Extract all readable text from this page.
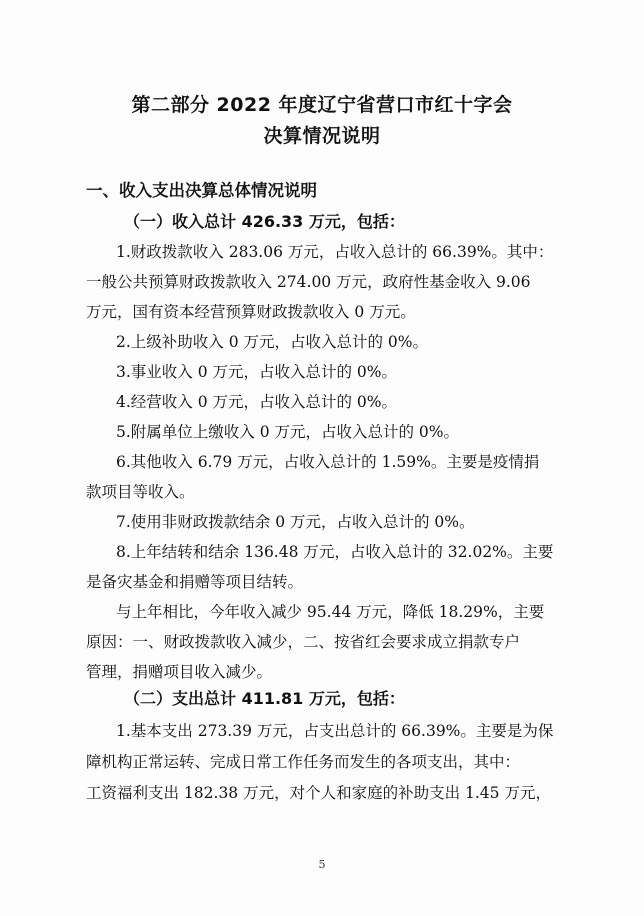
第二部分 2022 年度辽宁省营口市红十字会
决算情况说明
一、收入支出决算总体情况说明
（一）收入总计 426.33 万元，包括：
1.财政拨款收入 283.06 万元，占收入总计的 66.39%。其中：
一般公共预算财政拨款收入 274.00 万元，政府性基金收入 9.06
万元，国有资本经营预算财政拨款收入 0 万元。
2.上级补助收入 0 万元，占收入总计的 0%。
3.事业收入 0 万元，占收入总计的 0%。
4.经营收入 0 万元，占收入总计的 0%。
5.附属单位上缴收入 0 万元，占收入总计的 0%。
6.其他收入 6.79 万元，占收入总计的 1.59%。主要是疫情捐
款项目等收入。
7.使用非财政拨款结余 0 万元，占收入总计的 0%。
8.上年结转和结余 136.48 万元，占收入总计的 32.02%。主要
是备灾基金和捐赠等项目结转。
与上年相比，今年收入减少 95.44 万元，降低 18.29%，主要
原因：一、财政拨款收入减少，二、按省红会要求成立捐款专户
管理，捐赠项目收入减少。
（二）支出总计 411.81 万元，包括：
1.基本支出 273.39 万元，占支出总计的 66.39%。主要是为保
障机构正常运转、完成日常工作任务而发生的各项支出，其中：
工资福利支出 182.38 万元，对个人和家庭的补助支出 1.45 万元，
5
